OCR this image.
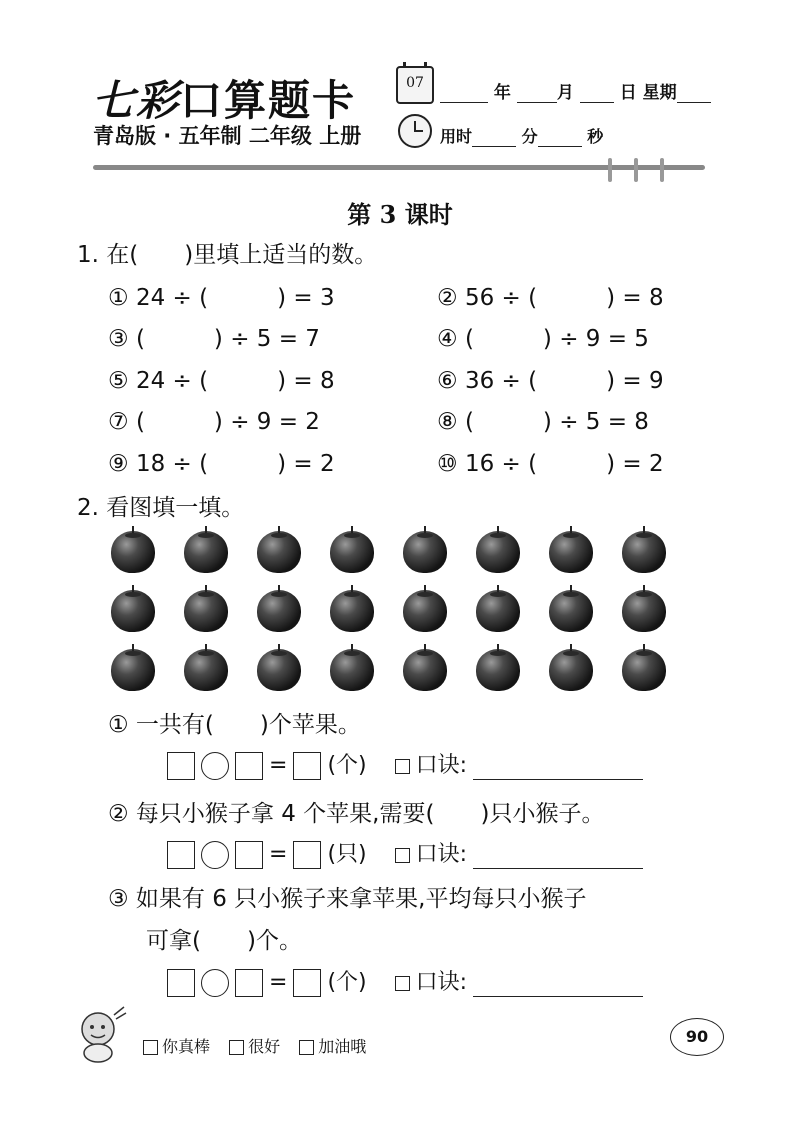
七彩口算题卡
青岛版 · 五年制 二年级 上册
07	年	月	日 星期
用时	分	秒
第 3 课时
1. 在(　　)里填上适当的数。
① 24 ÷ (　　　) = 3	② 56 ÷ (　　　) = 8
③ (　　　) ÷ 5 = 7	④ (　　　) ÷ 9 = 5
⑤ 24 ÷ (　　　) = 8	⑥ 36 ÷ (　　　) = 9
⑦ (　　　) ÷ 9 = 2	⑧ (　　　) ÷ 5 = 8
⑨ 18 ÷ (　　　) = 2	⑩ 16 ÷ (　　　) = 2
2. 看图填一填。
① 一共有(　　)个苹果。
= (个) 口诀:
② 每只小猴子拿 4 个苹果,需要(　　)只小猴子。
= (只) 口诀:
③ 如果有 6 只小猴子来拿苹果,平均每只小猴子
可拿(　　)个。
= (个) 口诀:
你真棒 很好 加油哦
90
